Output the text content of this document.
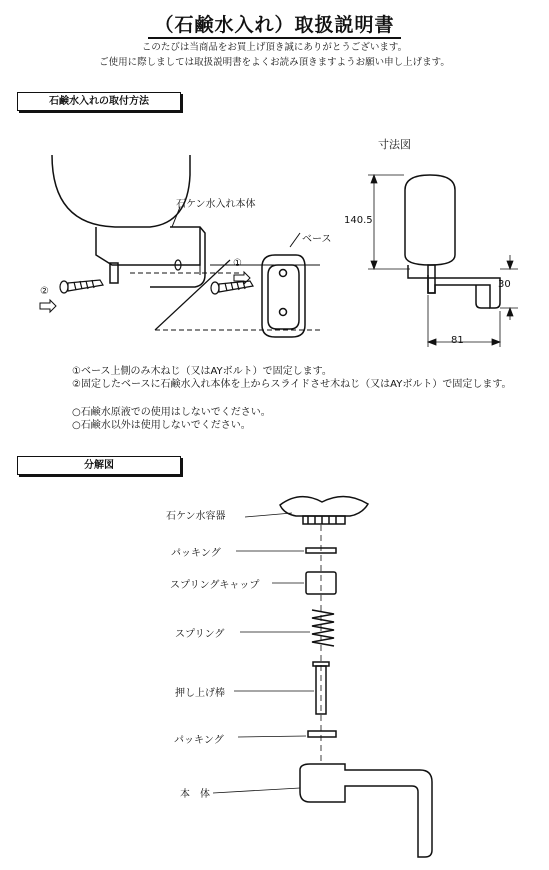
（石鹸水入れ）取扱説明書
このたびは当商品をお買上げ頂き誠にありがとうございます。
ご使用に際しましては取扱説明書をよくお読み頂きますようお願い申し上げます。
石鹸水入れの取付方法
石ケン水入れ本体
ベース
②
①
寸法図
140.5
30
81
①ベース上側のみ木ねじ（又はAYボルト）で固定します。
②固定したベースに石鹸水入れ本体を上からスライドさせ木ねじ（又はAYボルト）で固定します。
○石鹸水原液での使用はしないでください。
○石鹸水以外は使用しないでください。
分解図
石ケン水容器
パッキング
スプリングキャップ
スプリング
押し上げ棒
パッキング
本　体
